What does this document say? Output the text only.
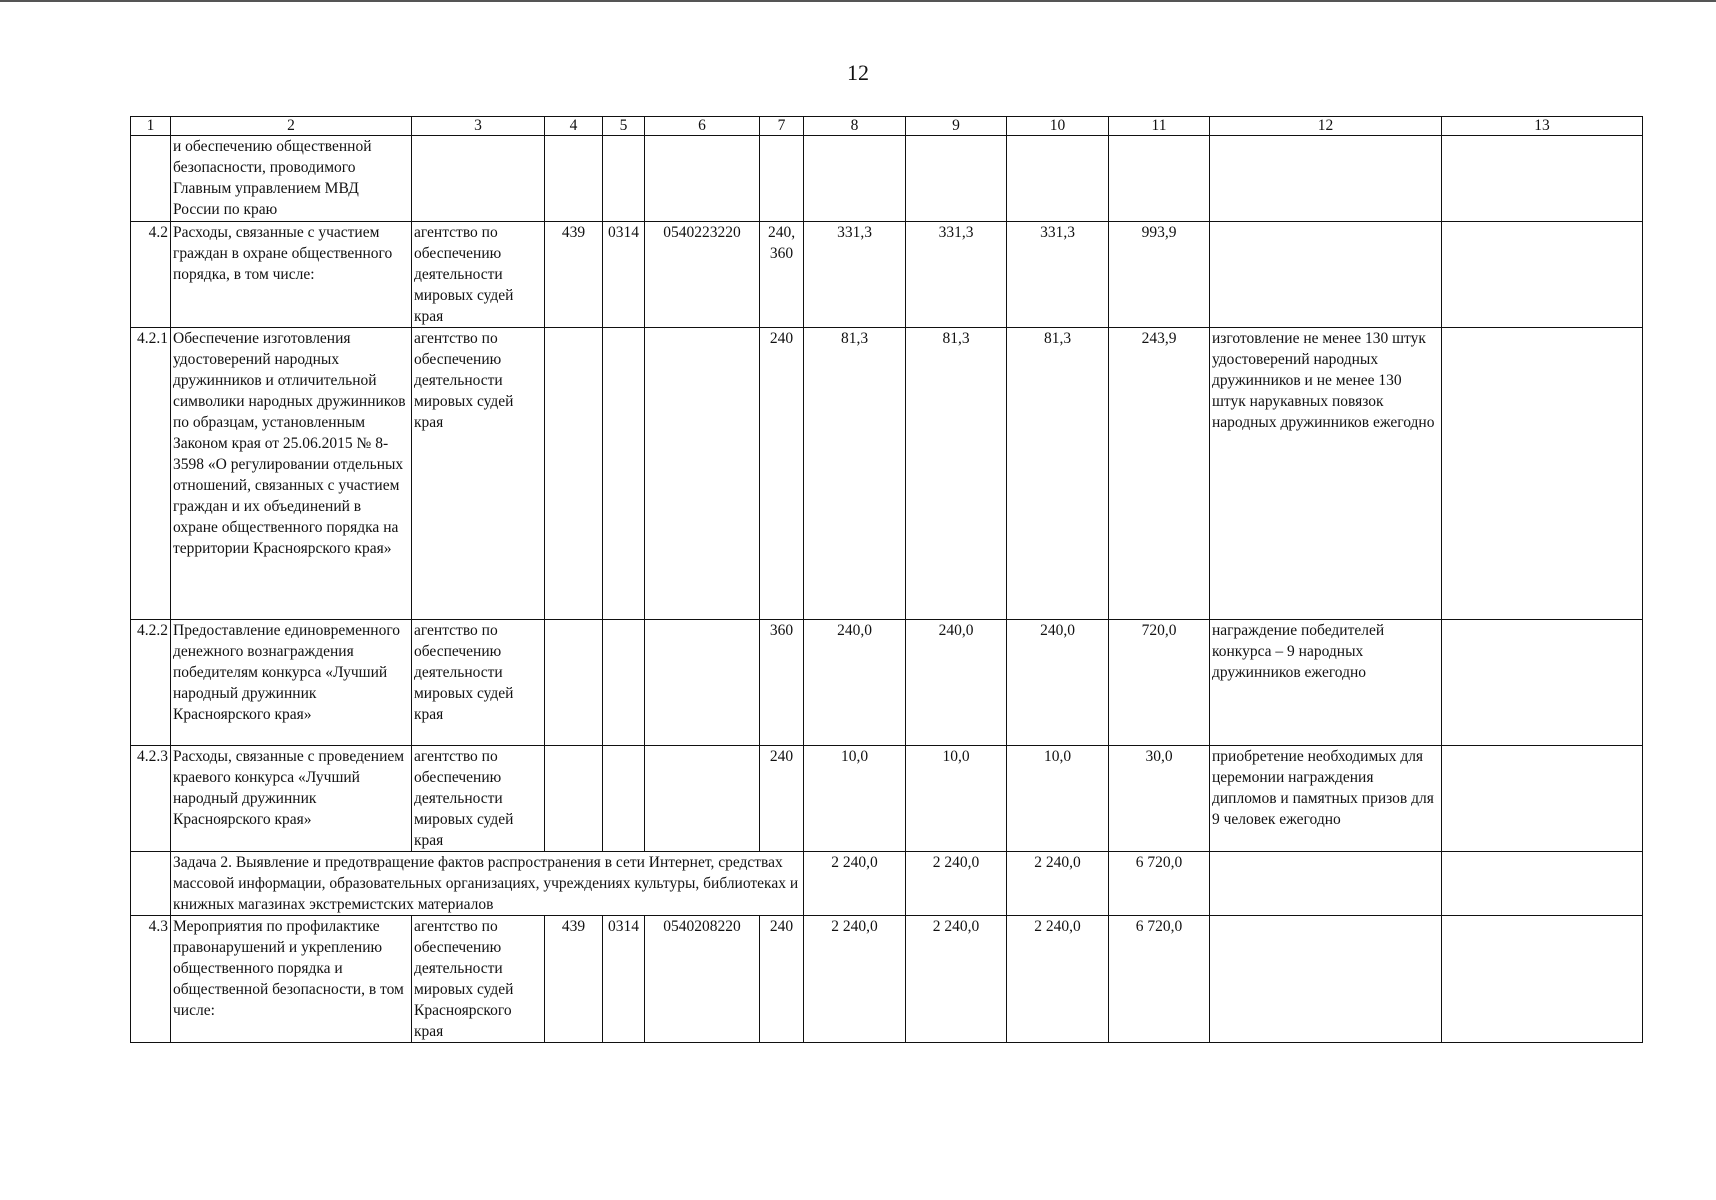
12
1	2	3	4	5	6	7	8	9	10	11	12	13
	и обеспечению общественной безопасности, проводимого Главным управлением МВД России по краю											
4.2	Расходы, связанные с участием граждан в охране общественного порядка, в том числе:	агентство по обеспечению деятельности мировых судей края	439	0314	0540223220	240, 360	331,3	331,3	331,3	993,9		
4.2.1	Обеспечение изготовления удостоверений народных дружинников и отличительной символики народных дружинников по образцам, установленным Законом края от 25.06.2015 № 8-3598 «О регулировании отдельных отношений, связанных с участием граждан и их объединений в охране общественного порядка на территории Красноярского края»	агентство по обеспечению деятельности мировых судей края				240	81,3	81,3	81,3	243,9	изготовление не менее 130 штук удостоверений народных дружинников и не менее 130 штук нарукавных повязок народных дружинников ежегодно	
4.2.2	Предоставление единовременного денежного вознаграждения победителям конкурса «Лучший народный дружинник Красноярского края»	агентство по обеспечению деятельности мировых судей края				360	240,0	240,0	240,0	720,0	награждение победителей конкурса – 9 народных дружинников ежегодно	
4.2.3	Расходы, связанные с проведением краевого конкурса «Лучший народный дружинник Красноярского края»	агентство по обеспечению деятельности мировых судей края				240	10,0	10,0	10,0	30,0	приобретение необходимых для церемонии награждения дипломов и памятных призов для 9 человек ежегодно	
	Задача 2. Выявление и предотвращение фактов распространения в сети Интернет, средствах массовой информации, образовательных организациях, учреждениях культуры, библиотеках и книжных магазинах экстремистских материалов						2 240,0	2 240,0	2 240,0	6 720,0		
4.3	Мероприятия по профилактике правонарушений и укреплению общественного порядка и общественной безопасности, в том числе:	агентство по обеспечению деятельности мировых судей Красноярского края	439	0314	0540208220	240	2 240,0	2 240,0	2 240,0	6 720,0		
